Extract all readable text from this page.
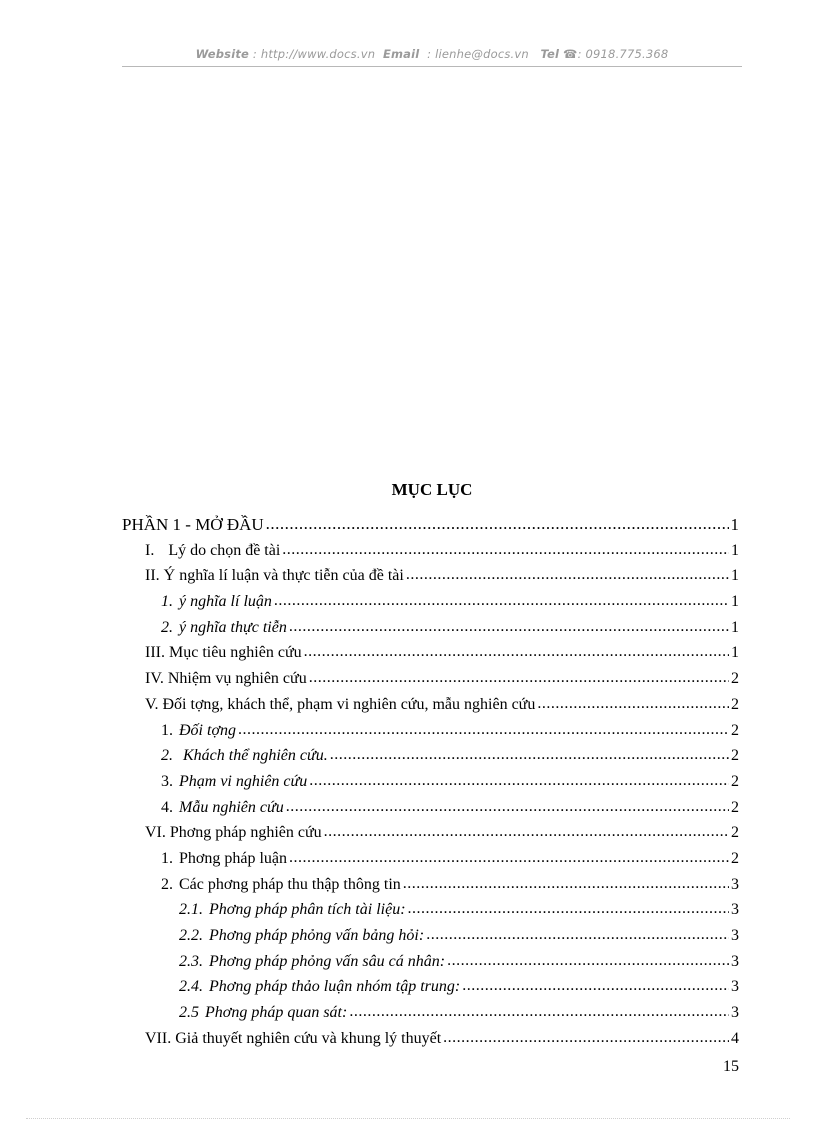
Website : http://www.docs.vn Email : lienhe@docs.vn Tel ☎: 0918.775.368
MỤC LỤC
PHẦN 1 - MỞ ĐẦU .....	1
I. Lý do chọn đề tài .....	1
II. Ý nghĩa lí luận và thực tiễn của đề tài .....	1
1. ý nghĩa lí luận .....	1
2. ý nghĩa thực tiễn .....	1
III. Mục tiêu nghiên cứu .....	1
IV. Nhiệm vụ nghiên cứu .....	2
V. Đối tợng, khách thể, phạm vi nghiên cứu, mẫu nghiên cứu .....	2
1. Đối tợng .....	2
2. Khách thể nghiên cứu. .....	2
3. Phạm vi nghiên cứu .....	2
4. Mẫu nghiên cứu .....	2
VI. Phơng pháp nghiên cứu .....	2
1. Phơng pháp luận .....	2
2. Các phơng pháp thu thập thông tin .....	3
2.1. Phơng pháp phân tích tài liệu: .....	3
2.2. Phơng pháp phỏng vấn bảng hỏi: .....	3
2.3. Phơng pháp phỏng vấn sâu cá nhân: .....	3
2.4. Phơng pháp thảo luận nhóm tập trung: .....	3
2.5 Phơng pháp quan sát: .....	3
VII. Giả thuyết nghiên cứu và khung lý thuyết .....	4
15
